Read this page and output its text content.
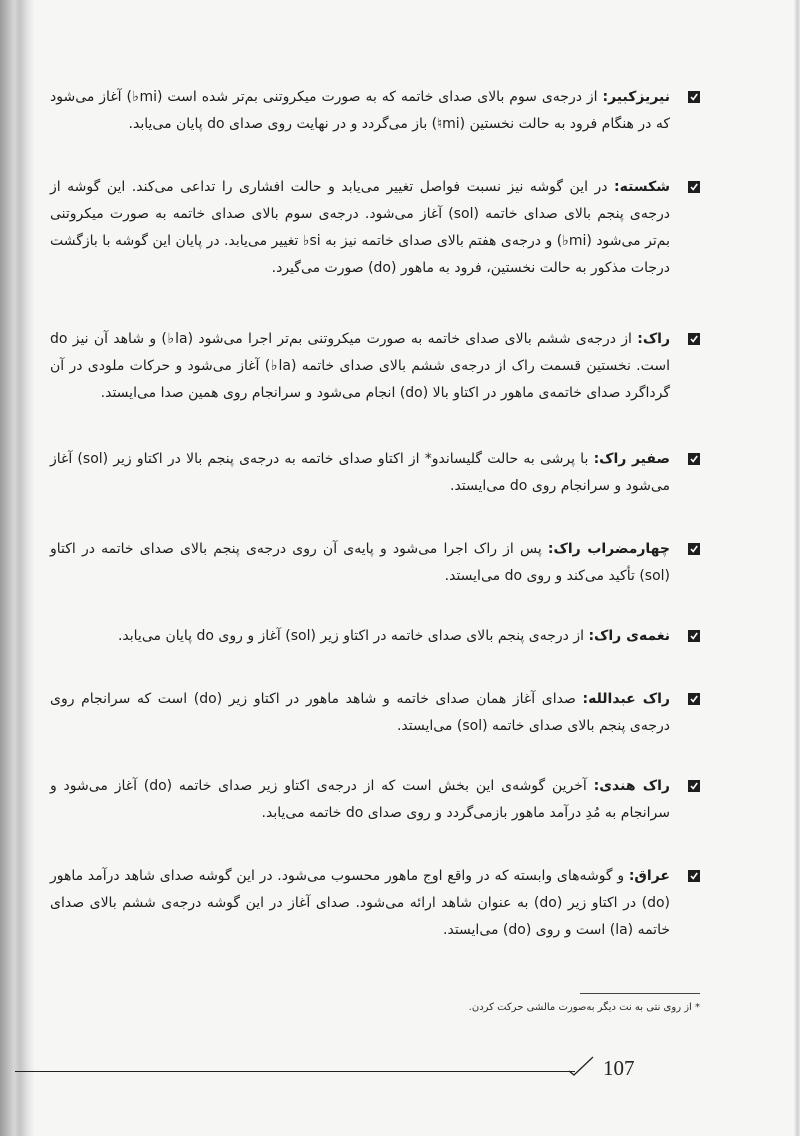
نیریزکبیر: از درجه‌ی سوم بالای صدای خاتمه که به صورت میکروتنی بم‌تر شده است (mi♭) آغاز می‌شود که در هنگام فرود به حالت نخستین (mi♮) باز می‌گردد و در نهایت روی صدای do پایان می‌یابد.
شکسته: در این گوشه نیز نسبت فواصل تغییر می‌یابد و حالت افشاری را تداعی می‌کند. این گوشه از درجه‌ی پنجم بالای صدای خاتمه (sol) آغاز می‌شود. درجه‌ی سوم بالای صدای خاتمه به صورت میکروتنی بم‌تر می‌شود (mi♭) و درجه‌ی هفتم بالای صدای خاتمه نیز به si♭ تغییر می‌یابد. در پایان این گوشه با بازگشت درجات مذکور به حالت نخستین، فرود به ماهور (do) صورت می‌گیرد.
راک: از درجه‌ی ششم بالای صدای خاتمه به صورت میکروتنی بم‌تر اجرا می‌شود (la♭) و شاهد آن نیز do است. نخستین قسمت راک از درجه‌ی ششم بالای صدای خاتمه (la♭) آغاز می‌شود و حرکات ملودی در آن گرداگرد صدای خاتمه‌ی ماهور در اکتاو بالا (do) انجام می‌شود و سرانجام روی همین صدا می‌ایستد.
صفیر راک: با پرشی به حالت گلیساندو* از اکتاو صدای خاتمه به درجه‌ی پنجم بالا در اکتاو زیر (sol) آغاز می‌شود و سرانجام روی do می‌ایستد.
چهارمضراب راک: پس از راک اجرا می‌شود و پایه‌ی آن روی درجه‌ی پنجم بالای صدای خاتمه در اکتاو (sol) تأکید می‌کند و روی do می‌ایستد.
نغمه‌ی راک: از درجه‌ی پنجم بالای صدای خاتمه در اکتاو زیر (sol) آغاز و روی do پایان می‌یابد.
راک عبدالله: صدای آغاز همان صدای خاتمه و شاهد ماهور در اکتاو زیر (do) است که سرانجام روی درجه‌ی پنجم بالای صدای خاتمه (sol) می‌ایستد.
راک هندی: آخرین گوشه‌ی این بخش است که از درجه‌ی اکتاو زیر صدای خاتمه (do) آغاز می‌شود و سرانجام به مُدِ درآمد ماهور بازمی‌گردد و روی صدای do خاتمه می‌یابد.
عراق: و گوشه‌های وابسته که در واقع اوج ماهور محسوب می‌شود. در این گوشه صدای شاهد درآمد ماهور (do) در اکتاو زیر (do) به عنوان شاهد ارائه می‌شود. صدای آغاز در این گوشه درجه‌ی ششم بالای صدای خاتمه (la) است و روی (do) می‌ایستد.
* از روی نتی به نت دیگر به‌صورت مالشی حرکت کردن.
107
